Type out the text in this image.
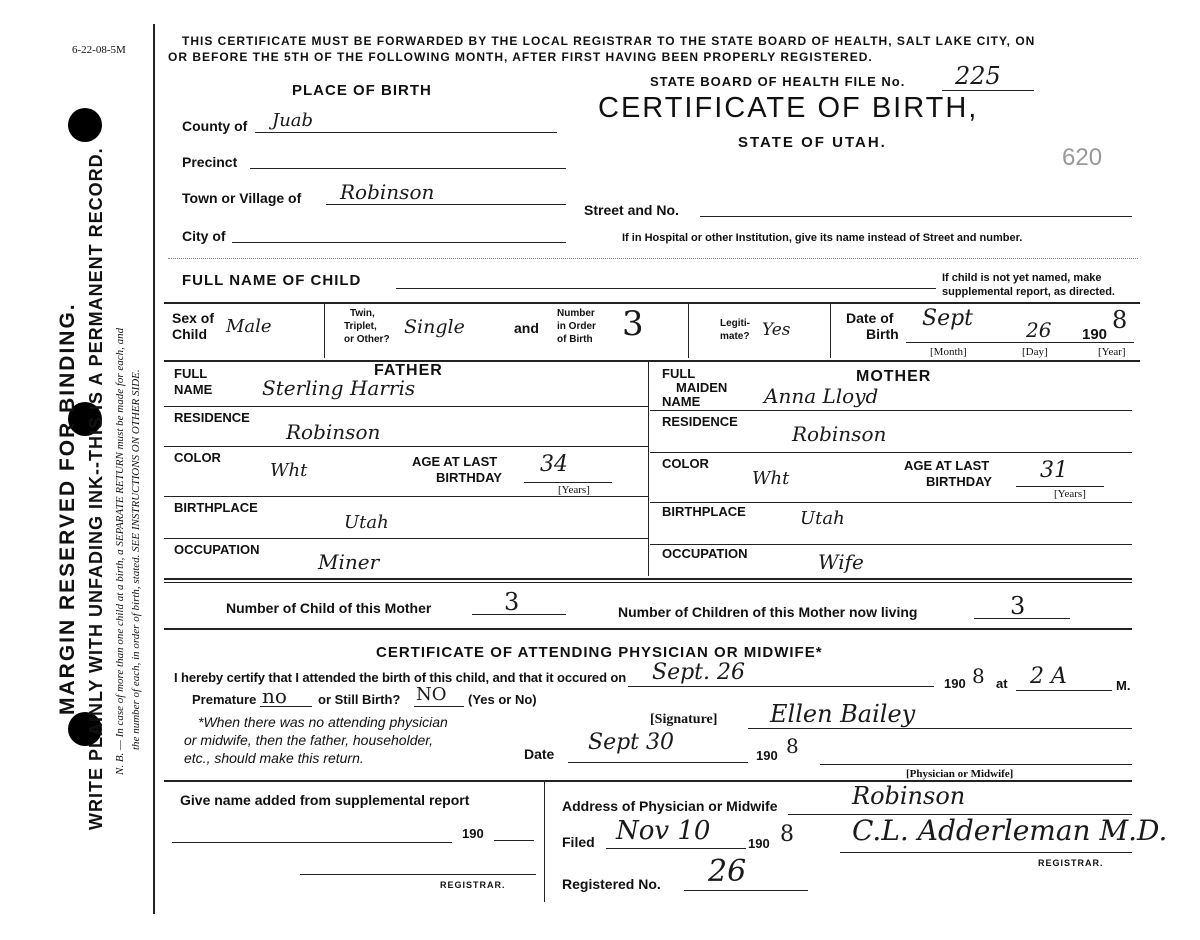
6-22-08-5M
MARGIN RESERVED FOR BINDING. WRITE PLAINLY WITH UNFADING INK--THIS IS A PERMANENT RECORD. N. B. — In case of more than one child at a birth, a SEPARATE RETURN must be made for each, and the number of each, in order of birth, stated. SEE INSTRUCTIONS ON OTHER SIDE.
THIS CERTIFICATE MUST BE FORWARDED BY THE LOCAL REGISTRAR TO THE STATE BOARD OF HEALTH, SALT LAKE CITY, ON
OR BEFORE THE 5TH OF THE FOLLOWING MONTH, AFTER FIRST HAVING BEEN PROPERLY REGISTERED.
STATE BOARD OF HEALTH FILE No. 225
CERTIFICATE OF BIRTH,
STATE OF UTAH.
620
PLACE OF BIRTH
County of Juab
Precinct
Town or Village of Robinson
Street and No.
City of	If in Hospital or other Institution, give its name instead of Street and number.
FULL NAME OF CHILD	If child is not yet named, make
supplemental report, as directed.
Sex of
Child Male
Twin,
Triplet,
or Other?
Single	and
Number
in Order
of Birth 3	Legiti-
mate? Yes
Date of
Birth
Sept	26 190
8
[Month]	[Day]	[Year]
FATHER
FULL
NAME Sterling Harris
RESIDENCE
Robinson
COLOR
Wht	AGE AT LAST
BIRTHDAY
34
[Years]
BIRTHPLACE
Utah
OCCUPATION
Miner
MOTHER
FULL
MAIDEN
NAME	Anna Lloyd
RESIDENCE
Robinson
COLOR
Wht
AGE AT LAST
BIRTHDAY 31
[Years]
BIRTHPLACE	Utah
OCCUPATION	Wife
Number of Child of this Mother	3	Number of Children of this Mother now living	3
CERTIFICATE OF ATTENDING PHYSICIAN OR MIDWIFE*
I hereby certify that I attended the birth of this child, and that it occured on Sept. 26	190 8 at 2 A	M.
Premature no or Still Birth? NO (Yes or No)
*When there was no attending physician
or midwife, then the father, householder,
etc., should make this return.
[Signature] Ellen Bailey
Date Sept 30
190 8
[Physician or Midwife]
Give name added from supplemental report
190
REGISTRAR.
Address of Physician or Midwife	Robinson
Filed Nov 10	190 8 C.L. Adderleman M.D.
REGISTRAR.
Registered No. 26
